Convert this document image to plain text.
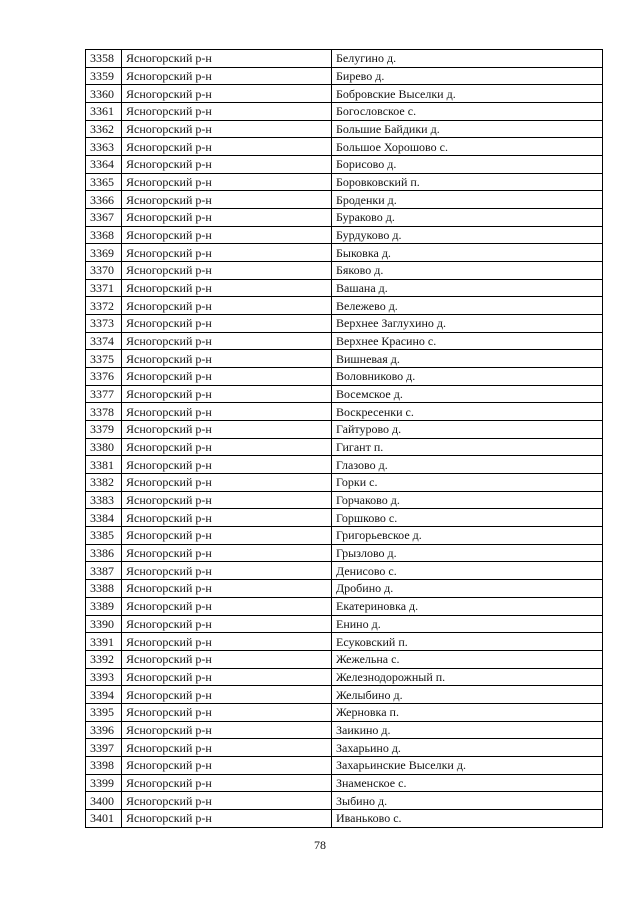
3358	Ясногорский р-н	Белугино д.
3359	Ясногорский р-н	Бирево д.
3360	Ясногорский р-н	Бобровские Выселки д.
3361	Ясногорский р-н	Богословское с.
3362	Ясногорский р-н	Большие Байдики д.
3363	Ясногорский р-н	Большое Хорошово с.
3364	Ясногорский р-н	Борисово д.
3365	Ясногорский р-н	Боровковский п.
3366	Ясногорский р-н	Броденки д.
3367	Ясногорский р-н	Бураково д.
3368	Ясногорский р-н	Бурдуково д.
3369	Ясногорский р-н	Быковка д.
3370	Ясногорский р-н	Бяково д.
3371	Ясногорский р-н	Вашана д.
3372	Ясногорский р-н	Вележево д.
3373	Ясногорский р-н	Верхнее Заглухино д.
3374	Ясногорский р-н	Верхнее Красино с.
3375	Ясногорский р-н	Вишневая д.
3376	Ясногорский р-н	Воловниково д.
3377	Ясногорский р-н	Восемское д.
3378	Ясногорский р-н	Воскресенки с.
3379	Ясногорский р-н	Гайтурово д.
3380	Ясногорский р-н	Гигант п.
3381	Ясногорский р-н	Глазово д.
3382	Ясногорский р-н	Горки с.
3383	Ясногорский р-н	Горчаково д.
3384	Ясногорский р-н	Горшково с.
3385	Ясногорский р-н	Григорьевское д.
3386	Ясногорский р-н	Грызлово д.
3387	Ясногорский р-н	Денисово с.
3388	Ясногорский р-н	Дробино д.
3389	Ясногорский р-н	Екатериновка д.
3390	Ясногорский р-н	Енино д.
3391	Ясногорский р-н	Есуковский п.
3392	Ясногорский р-н	Жежельна с.
3393	Ясногорский р-н	Железнодорожный п.
3394	Ясногорский р-н	Желыбино д.
3395	Ясногорский р-н	Жерновка п.
3396	Ясногорский р-н	Заикино д.
3397	Ясногорский р-н	Захарьино д.
3398	Ясногорский р-н	Захарьинские Выселки д.
3399	Ясногорский р-н	Знаменское с.
3400	Ясногорский р-н	Зыбино д.
3401	Ясногорский р-н	Иваньково с.
78
